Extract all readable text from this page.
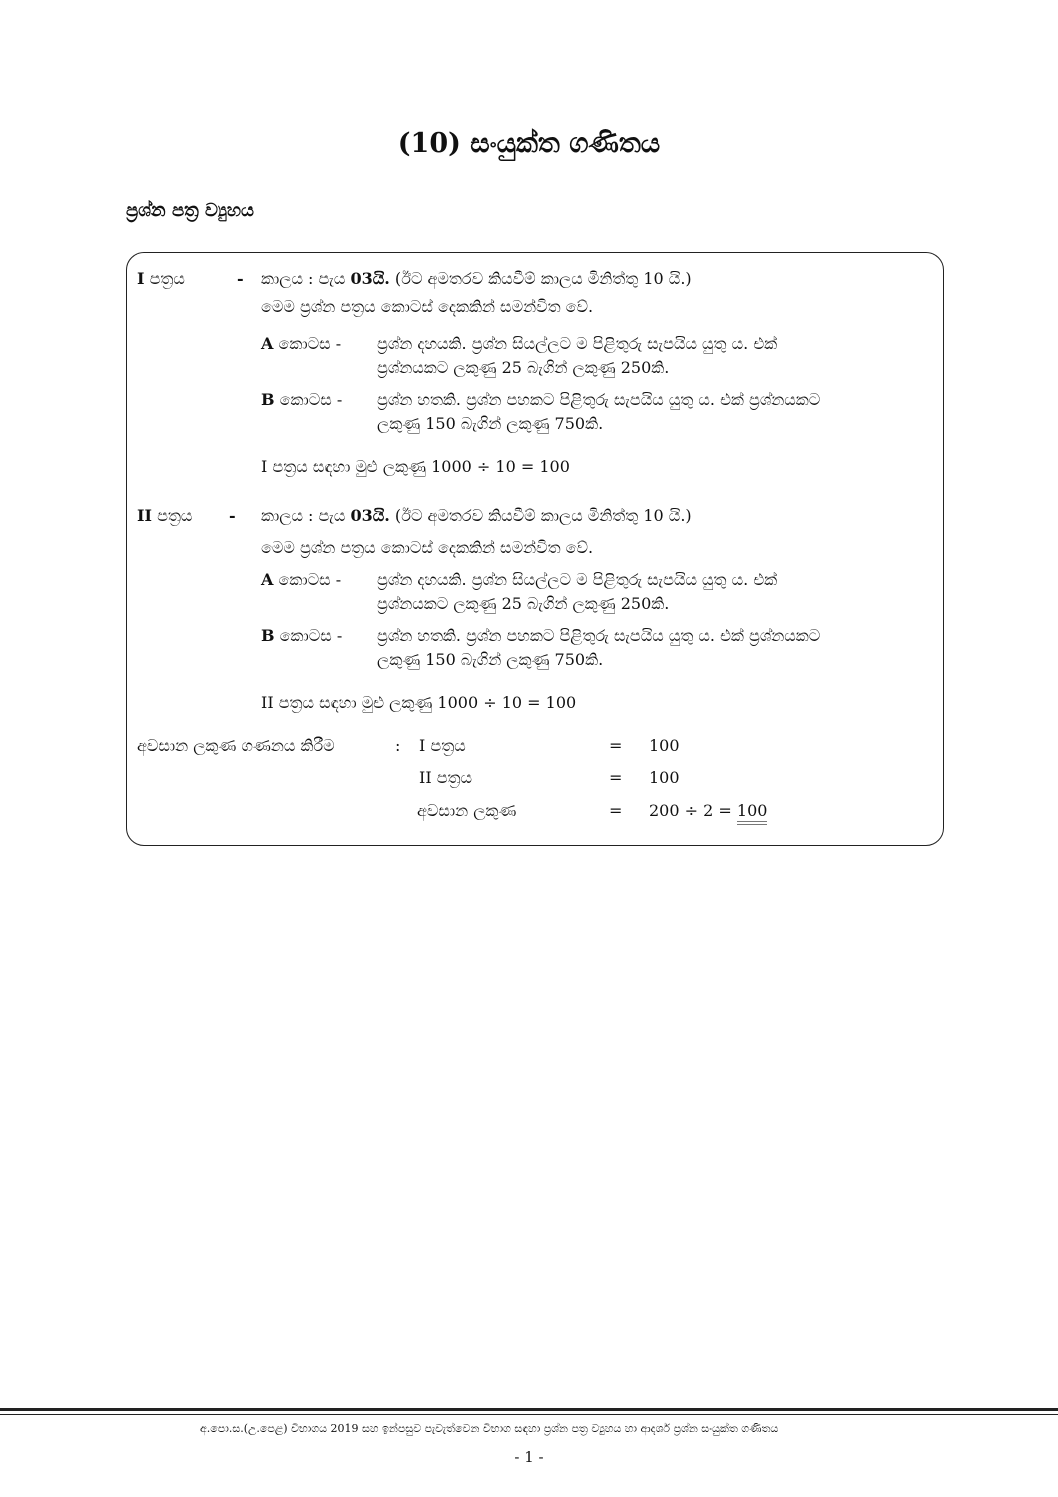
(10) සංයුක්ත ගණිතය
ප්‍රශ්න පත්‍ර ව්‍යුහය
I පත්‍රය	- කාලය : පැය 03යි. (ඊට අමතරව කියවීම් කාලය මිනිත්තු 10 යි.)
මෙම ප්‍රශ්න පත්‍රය කොටස් දෙකකින් සමන්විත වේ.
A කොටස - ප්‍රශ්න දහයකි. ප්‍රශ්න සියල්ලට ම පිළිතුරු සැපයිය යුතු ය. එක්
ප්‍රශ්නයකට ලකුණු 25 බැගින් ලකුණු 250කි.
B කොටස - ප්‍රශ්න හතකි. ප්‍රශ්න පහකට පිළිතුරු සැපයිය යුතු ය. එක් ප්‍රශ්නයකට
ලකුණු 150 බැගින් ලකුණු 750කි.
I පත්‍රය සඳහා මුළු ලකුණු 1000 ÷ 10 = 100
II පත්‍රය - කාලය : පැය 03යි. (ඊට අමතරව කියවීම් කාලය මිනිත්තු 10 යි.)
මෙම ප්‍රශ්න පත්‍රය කොටස් දෙකකින් සමන්විත වේ.
A කොටස - ප්‍රශ්න දහයකි. ප්‍රශ්න සියල්ලට ම පිළිතුරු සැපයිය යුතු ය. එක්
ප්‍රශ්නයකට ලකුණු 25 බැගින් ලකුණු 250කි.
B කොටස - ප්‍රශ්න හතකි. ප්‍රශ්න පහකට පිළිතුරු සැපයිය යුතු ය. එක් ප්‍රශ්නයකට
ලකුණු 150 බැගින් ලකුණු 750කි.
II පත්‍රය සඳහා මුළු ලකුණු 1000 ÷ 10 = 100
අවසාන ලකුණ ගණනය කිරීම	: I පත්‍රය	= 100
II පත්‍රය	= 100
අවසාන ලකුණ	= 200 ÷ 2 = 100
අ.පො.ස.(උ.පෙළ) විභාගය 2019 සහ ඉන්පසුව පැවැත්වෙන විභාග සඳහා ප්‍රශ්න පත්‍ර ව්‍යුහය හා ආදර්ශ ප්‍රශ්න සංයුක්ත ගණිතය
- 1 -
